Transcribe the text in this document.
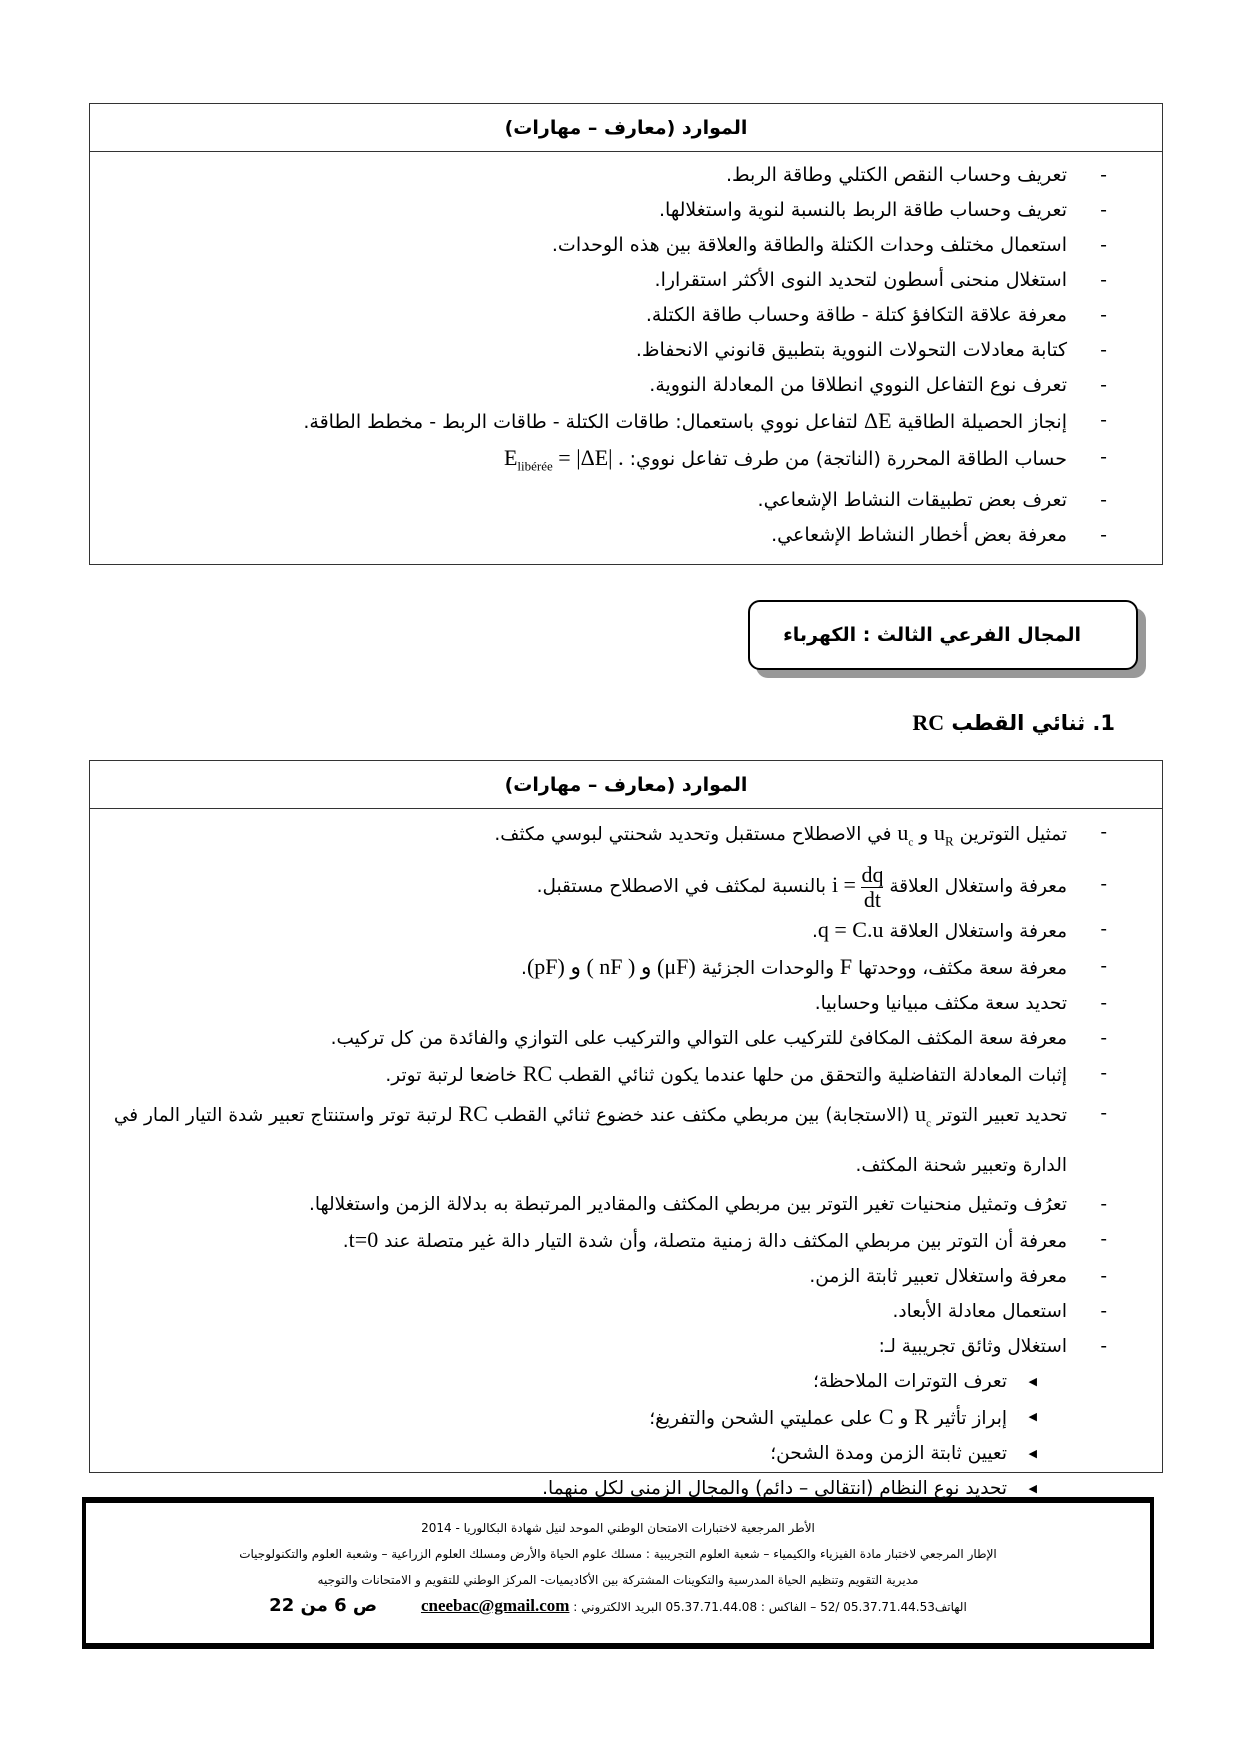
الموارد (معارف – مهارات)
- تعريف وحساب النقص الكتلي وطاقة الربط.
- تعريف وحساب طاقة الربط بالنسبة لنوية واستغلالها.
- استعمال مختلف وحدات الكتلة والطاقة والعلاقة بين هذه الوحدات.
- استغلال منحنى أسطون لتحديد النوى الأكثر استقرارا.
- معرفة علاقة التكافؤ كتلة - طاقة وحساب طاقة الكتلة.
- كتابة معادلات التحولات النووية بتطبيق قانوني الانحفاظ.
- تعرف نوع التفاعل النووي انطلاقا من المعادلة النووية.
- إنجاز الحصيلة الطاقية ΔE لتفاعل نووي باستعمال: طاقات الكتلة - طاقات الربط - مخطط الطاقة.
- حساب الطاقة المحررة (الناتجة) من طرف تفاعل نووي: $E_{libérée} = |\Delta E|$ .
- تعرف بعض تطبيقات النشاط الإشعاعي.
- معرفة بعض أخطار النشاط الإشعاعي.
المجال الفرعي الثالث : الكهرباء
1. ثنائي القطب RC
الموارد (معارف – مهارات)
- تمثيل التوترين $u_R$ و $u_c$ في الاصطلاح مستقبل وتحديد شحنتي لبوسي مكثف.
- معرفة واستغلال العلاقة $i = \frac{dq}{dt}$
بالنسبة لمكثف في الاصطلاح مستقبل.
- معرفة واستغلال العلاقة q = C.u.
- معرفة سعة مكثف، ووحدتها F والوحدات الجزئية (μF) و ( nF ) و (pF).
- تحديد سعة مكثف مبيانيا وحسابيا.
- معرفة سعة المكثف المكافئ للتركيب على التوالي والتركيب على التوازي والفائدة من كل تركيب.
- إثبات المعادلة التفاضلية والتحقق من حلها عندما يكون ثنائي القطب RC خاضعا لرتبة توتر.
- تحديد تعبير التوتر $u_c$ (الاستجابة) بين مربطي مكثف عند خضوع ثنائي القطب RC لرتبة توتر واستنتاج تعبير شدة التيار المار في الدارة وتعبير شحنة المكثف.
- تعرُف وتمثيل منحنيات تغير التوتر بين مربطي المكثف والمقادير المرتبطة به بدلالة الزمن واستغلالها.
- معرفة أن التوتر بين مربطي المكثف دالة زمنية متصلة، وأن شدة التيار دالة غير متصلة عند t=0.
- معرفة واستغلال تعبير ثابتة الزمن.
- استعمال معادلة الأبعاد.
- استغلال وثائق تجريبية لـ:
◀ تعرف التوترات الملاحظة؛
◀ إبراز تأثير R و C على عمليتي الشحن والتفريغ؛
◀ تعيين ثابتة الزمن ومدة الشحن؛
◀ تحديد نوع النظام (انتقالي – دائم) والمجال الزمني لكل منهما.
الأطر المرجعية لاختبارات الامتحان الوطني الموحد لنيل شهادة البكالوريا - 2014
الإطار المرجعي لاختبار مادة الفيزياء والكيمياء – شعبة العلوم التجريبية : مسلك علوم الحياة والأرض ومسلك العلوم الزراعية – وشعبة العلوم والتكنولوجيات
مديرية التقويم وتنظيم الحياة المدرسية والتكوينات المشتركة بين الأكاديميات- المركز الوطني للتقويم و الامتحانات والتوجيه
الهاتف05.37.71.44.53 /52 – الفاكس : 05.37.71.44.08 البريد الالكتروني : cneebac@gmail.com ص 6 من 22
